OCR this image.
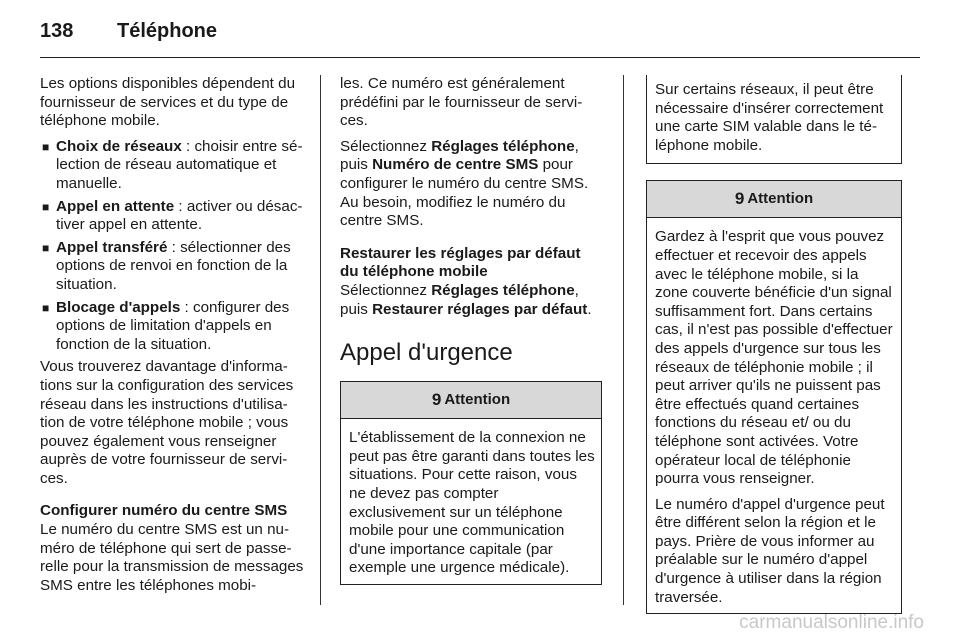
138 Téléphone

Les options disponibles dépendent du fournisseur de services et du type de téléphone mobile.

■ Choix de réseaux : choisir entre sélection de réseau automatique et manuelle.
■ Appel en attente : activer ou désactiver appel en attente.
■ Appel transféré : sélectionner des options de renvoi en fonction de la situation.
■ Blocage d'appels : configurer des options de limitation d'appels en fonction de la situation.

Vous trouverez davantage d'informations sur la configuration des services réseau dans les instructions d'utilisation de votre téléphone mobile ; vous pouvez également vous renseigner auprès de votre fournisseur de services.

Configurer numéro du centre SMS

Le numéro du centre SMS est un numéro de téléphone qui sert de passerelle pour la transmission de messages SMS entre les téléphones mobi-

les. Ce numéro est généralement prédéfini par le fournisseur de services.

Sélectionnez Réglages téléphone, puis Numéro de centre SMS pour configurer le numéro du centre SMS. Au besoin, modifiez le numéro du centre SMS.

Restaurer les réglages par défaut du téléphone mobile

Sélectionnez Réglages téléphone, puis Restaurer réglages par défaut.

Appel d'urgence
9 Attention
L'établissement de la connexion ne peut pas être garanti dans toutes les situations. Pour cette raison, vous ne devez pas compter exclusivement sur un téléphone mobile pour une communication d'une importance capitale (par exemple une urgence médicale).
Sur certains réseaux, il peut être nécessaire d'insérer correctement une carte SIM valable dans le téléphone mobile.
9 Attention

Gardez à l'esprit que vous pouvez effectuer et recevoir des appels avec le téléphone mobile, si la zone couverte bénéficie d'un signal suffisamment fort. Dans certains cas, il n'est pas possible d'effectuer des appels d'urgence sur tous les réseaux de téléphonie mobile ; il peut arriver qu'ils ne puissent pas être effectués quand certaines fonctions du réseau et/ ou du téléphone sont activées. Votre opérateur local de téléphonie pourra vous renseigner.

Le numéro d'appel d'urgence peut être différent selon la région et le pays. Prière de vous informer au préalable sur le numéro d'appel d'urgence à utiliser dans la région traversée.

carmanualsonline.info
